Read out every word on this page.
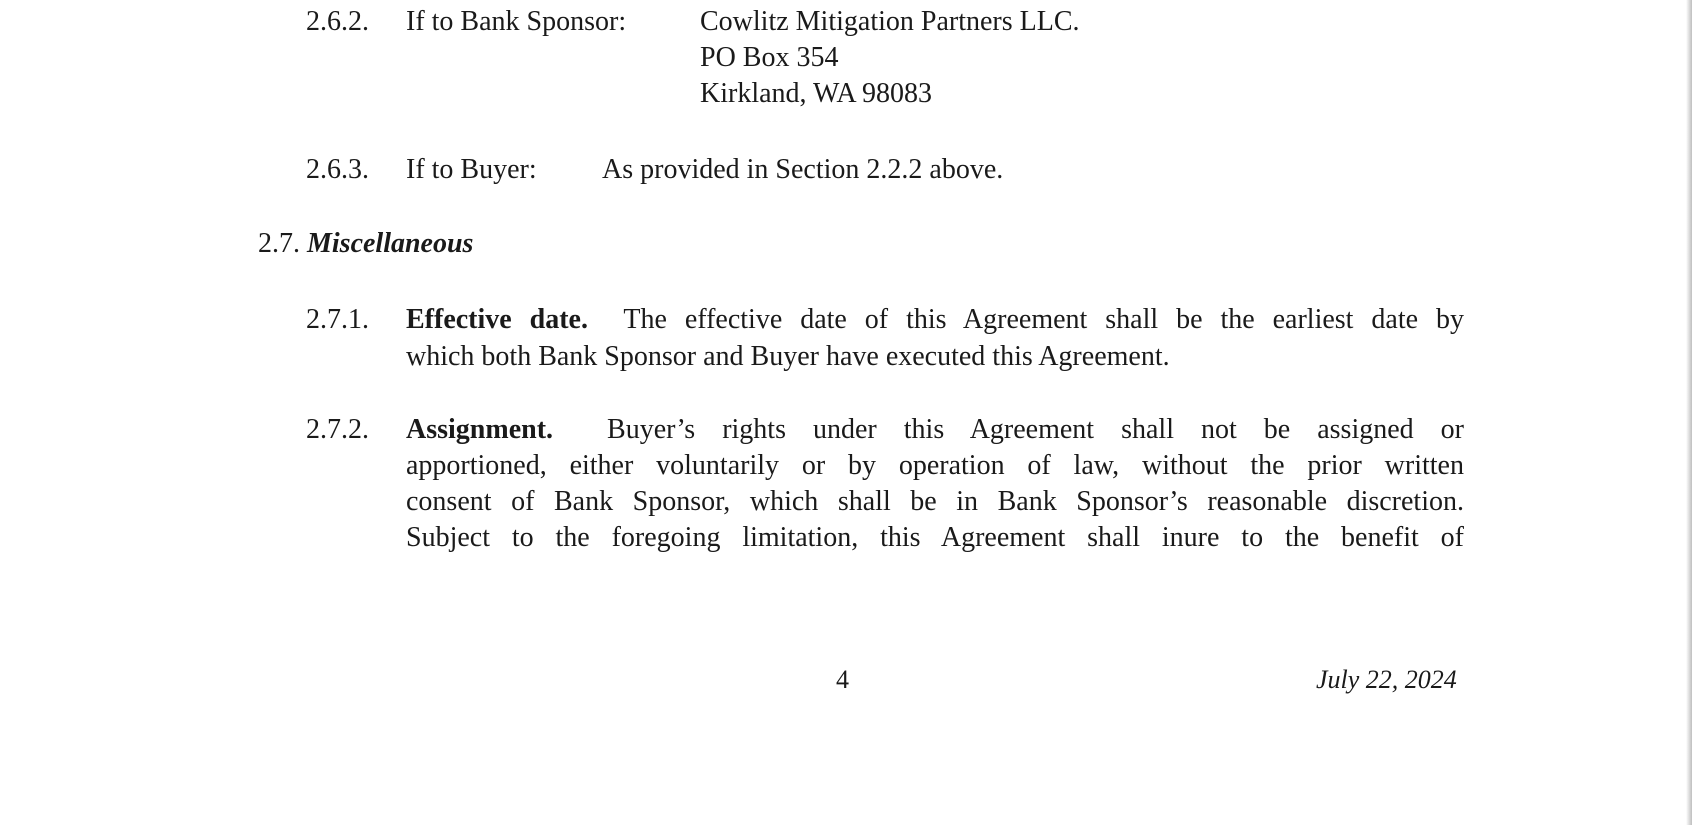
2.6.2. If to Bank Sponsor:	Cowlitz Mitigation Partners LLC.
PO Box 354
Kirkland, WA 98083
2.6.3. If to Buyer: As provided in Section 2.2.2 above.
2.7. Miscellaneous
2.7.1. Effective date. The effective date of this Agreement shall be the earliest date by
which both Bank Sponsor and Buyer have executed this Agreement.
2.7.2. Assignment. Buyer’s rights under this Agreement shall not be assigned or
apportioned, either voluntarily or by operation of law, without the prior written
consent of Bank Sponsor, which shall be in Bank Sponsor’s reasonable discretion.
Subject to the foregoing limitation, this Agreement shall inure to the benefit of
4	July 22, 2024
